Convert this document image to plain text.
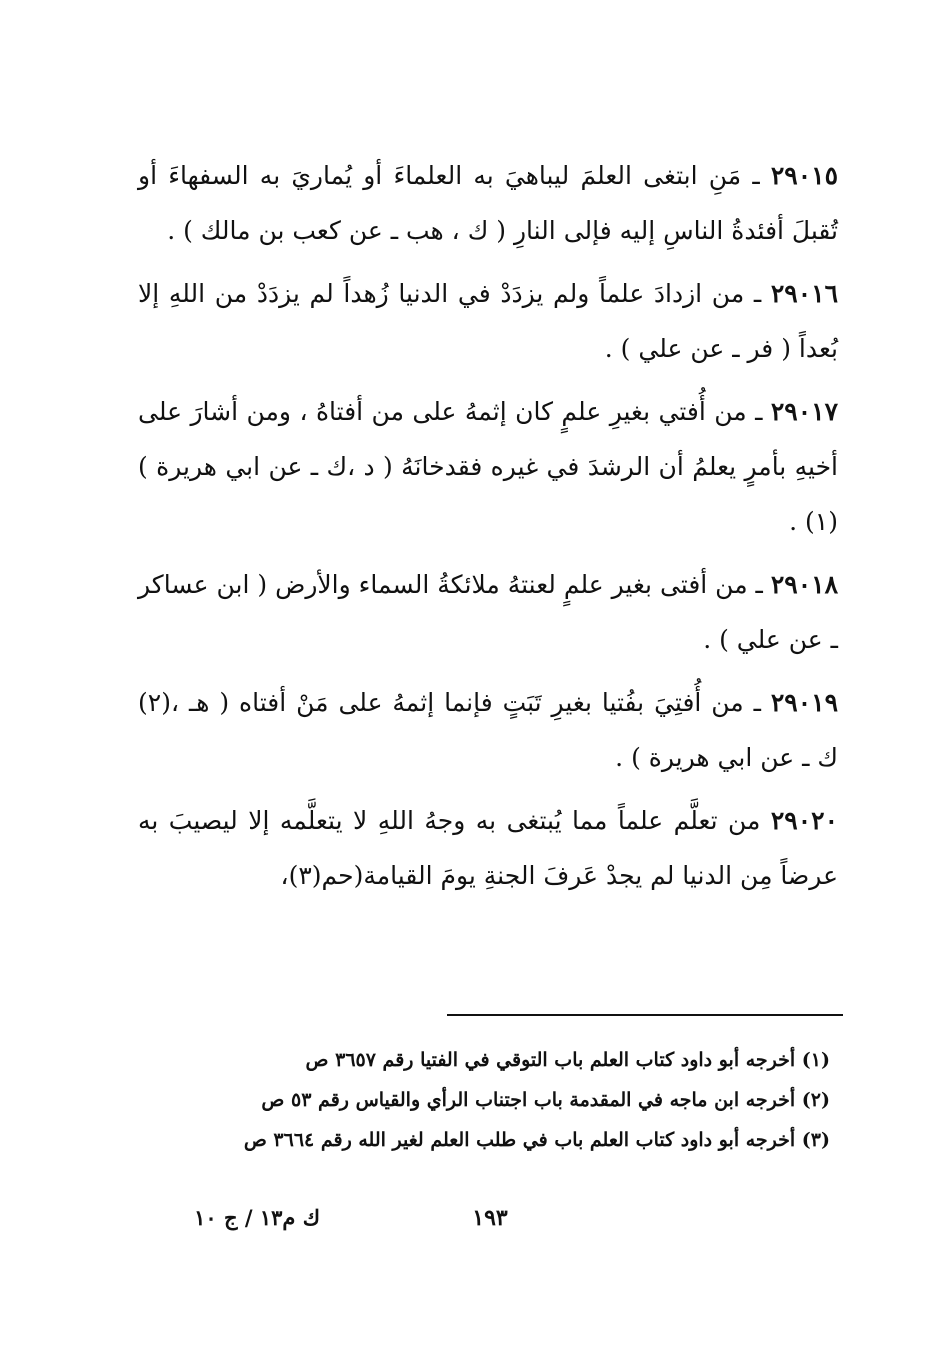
٢٩٠١٥ ـ مَنِ ابتغى العلمَ ليباهيَ به العلماءَ أو يُماريَ به السفهاءَ أو تُقبلَ أفئدةُ الناسِ إليه فإلى النارِ ( ك ، هب ـ عن كعب بن مالك ) .

٢٩٠١٦ ـ من ازدادَ علماً ولم يزدَدْ في الدنيا زُهداً لم يزدَدْ من اللهِ إلا بُعداً ( فر ـ عن علي ) .

٢٩٠١٧ ـ من أُفتي بغيرِ علمٍ كان إثمهُ على من أفتاهُ ، ومن أشارَ على أخيهِ بأمرٍ يعلمُ أن الرشدَ في غيره فقدخانَهُ ( د ،ك ـ عن ابي هريرة ) (١) .

٢٩٠١٨ ـ من أفتى بغير علمٍ لعنتهُ ملائكةُ السماء والأرض ( ابن عساكر ـ عن علي ) .

٢٩٠١٩ ـ من أُفتِيَ بفُتيا بغيرِ تَبَتٍ فإنما إثمهُ على مَنْ أفتاه ( هـ ،(٢) ك ـ عن ابي هريرة ) .

٢٩٠٢٠ من تعلَّم علماً مما يُبتغى به وجهُ اللهِ لا يتعلَّمه إلا ليصيبَ به عرضاً مِن الدنيا لم يجدْ عَرفَ الجنةِ يومَ القيامة(حم(٣)،

(١) أخرجه أبو داود كتاب العلم باب التوقي في الفتيا رقم ٣٦٥٧ ص

(٢) أخرجه ابن ماجه في المقدمة باب اجتناب الرأي والقياس رقم ٥٣ ص

(٣) أخرجه أبو داود كتاب العلم باب في طلب العلم لغير الله رقم ٣٦٦٤ ص

١٩٣
ك م١٣ / ج ١٠
